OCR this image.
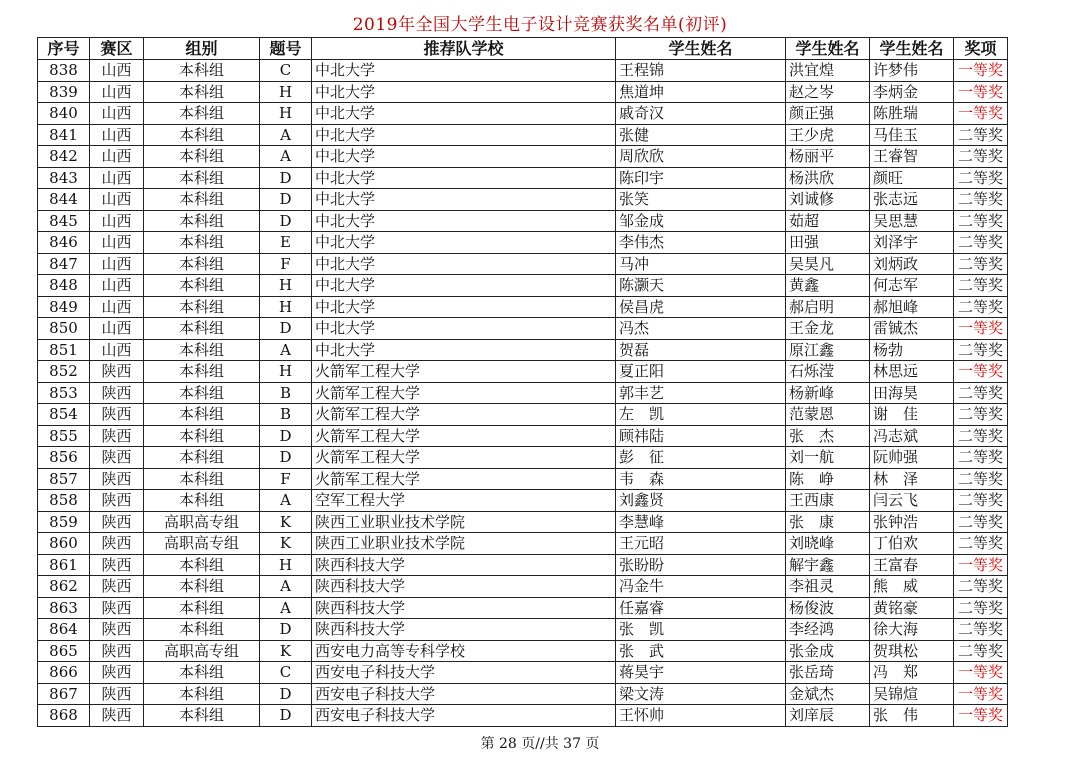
2019年全国大学生电子设计竞赛获奖名单(初评)
序号	赛区	组别	题号	推荐队学校	学生姓名	学生姓名	学生姓名	奖项
838	山西	本科组	C	中北大学	王程锦	洪宜煌	许梦伟	一等奖
839	山西	本科组	H	中北大学	焦道坤	赵之岑	李炳金	一等奖
840	山西	本科组	H	中北大学	戚奇汉	颜正强	陈胜瑞	一等奖
841	山西	本科组	A	中北大学	张健	王少虎	马佳玉	二等奖
842	山西	本科组	A	中北大学	周欣欣	杨丽平	王睿智	二等奖
843	山西	本科组	D	中北大学	陈印宇	杨洪欣	颜旺	二等奖
844	山西	本科组	D	中北大学	张笑	刘诚修	张志远	二等奖
845	山西	本科组	D	中北大学	邹金成	茹超	吴思慧	二等奖
846	山西	本科组	E	中北大学	李伟杰	田强	刘泽宇	二等奖
847	山西	本科组	F	中北大学	马冲	吴昊凡	刘炳政	二等奖
848	山西	本科组	H	中北大学	陈灏天	黄鑫	何志军	二等奖
849	山西	本科组	H	中北大学	侯昌虎	郝启明	郝旭峰	二等奖
850	山西	本科组	D	中北大学	冯杰	王金龙	雷铖杰	一等奖
851	山西	本科组	A	中北大学	贺磊	原江鑫	杨勃	二等奖
852	陕西	本科组	H	火箭军工程大学	夏正阳	石烁滢	林思远	一等奖
853	陕西	本科组	B	火箭军工程大学	郭丰艺	杨新峰	田海昊	二等奖
854	陕西	本科组	B	火箭军工程大学	左　凯	范蒙恩	谢　佳	二等奖
855	陕西	本科组	D	火箭军工程大学	顾祎陆	张　杰	冯志斌	二等奖
856	陕西	本科组	D	火箭军工程大学	彭　征	刘一航	阮帅强	二等奖
857	陕西	本科组	F	火箭军工程大学	韦　森	陈　峥	林　泽	二等奖
858	陕西	本科组	A	空军工程大学	刘鑫贤	王西康	闫云飞	二等奖
859	陕西	高职高专组	K	陕西工业职业技术学院	李慧峰	张　康	张钟浩	二等奖
860	陕西	高职高专组	K	陕西工业职业技术学院	王元昭	刘晓峰	丁伯欢	二等奖
861	陕西	本科组	H	陕西科技大学	张盼盼	解宇鑫	王富春	一等奖
862	陕西	本科组	A	陕西科技大学	冯金牛	李祖灵	熊　威	二等奖
863	陕西	本科组	A	陕西科技大学	任嘉睿	杨俊波	黄铭豪	二等奖
864	陕西	本科组	D	陕西科技大学	张　凯	李经鸿	徐大海	二等奖
865	陕西	高职高专组	K	西安电力高等专科学校	张　武	张金成	贺琪松	二等奖
866	陕西	本科组	C	西安电子科技大学	蒋昊宇	张岳琦	冯　郑	一等奖
867	陕西	本科组	D	西安电子科技大学	梁文涛	金斌杰	吴锦煊	一等奖
868	陕西	本科组	D	西安电子科技大学	王怀帅	刘庠辰	张　伟	一等奖
第 28 页//共 37 页
